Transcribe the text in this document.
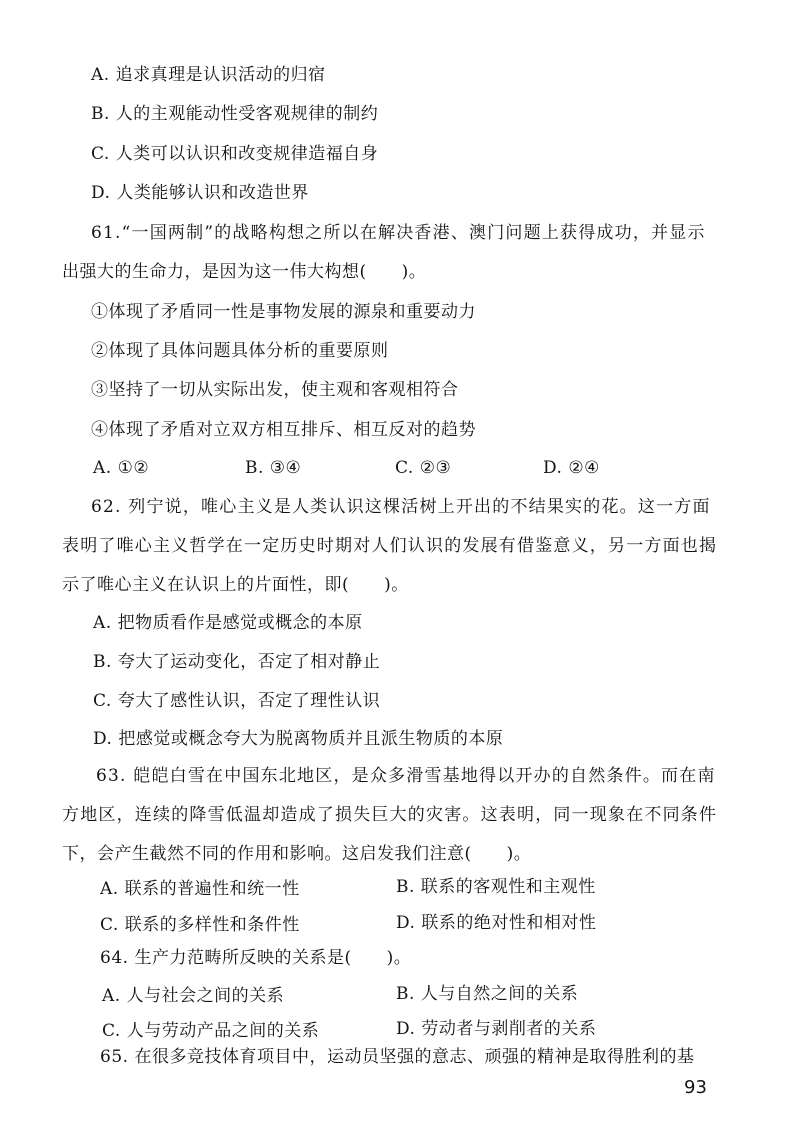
A. 追求真理是认识活动的归宿
B. 人的主观能动性受客观规律的制约
C. 人类可以认识和改变规律造福自身
D. 人类能够认识和改造世界
61.“一国两制”的战略构想之所以在解决香港、澳门问题上获得成功，并显示
出强大的生命力，是因为这一伟大构想(　　)。
①体现了矛盾同一性是事物发展的源泉和重要动力
②体现了具体问题具体分析的重要原则
③坚持了一切从实际出发，使主观和客观相符合
④体现了矛盾对立双方相互排斥、相互反对的趋势
A. ①②	B. ③④	C. ②③	D. ②④
62. 列宁说，唯心主义是人类认识这棵活树上开出的不结果实的花。这一方面
表明了唯心主义哲学在一定历史时期对人们认识的发展有借鉴意义，另一方面也揭
示了唯心主义在认识上的片面性，即(　　)。
A. 把物质看作是感觉或概念的本原
B. 夸大了运动变化，否定了相对静止
C. 夸大了感性认识，否定了理性认识
D. 把感觉或概念夸大为脱离物质并且派生物质的本原
63. 皑皑白雪在中国东北地区，是众多滑雪基地得以开办的自然条件。而在南
方地区，连续的降雪低温却造成了损失巨大的灾害。这表明，同一现象在不同条件
下，会产生截然不同的作用和影响。这启发我们注意(　　)。
A. 联系的普遍性和统一性	B. 联系的客观性和主观性
C. 联系的多样性和条件性	D. 联系的绝对性和相对性
64. 生产力范畴所反映的关系是(　　)。
A. 人与社会之间的关系	B. 人与自然之间的关系
C. 人与劳动产品之间的关系	D. 劳动者与剥削者的关系
65. 在很多竞技体育项目中，运动员坚强的意志、顽强的精神是取得胜利的基
93
